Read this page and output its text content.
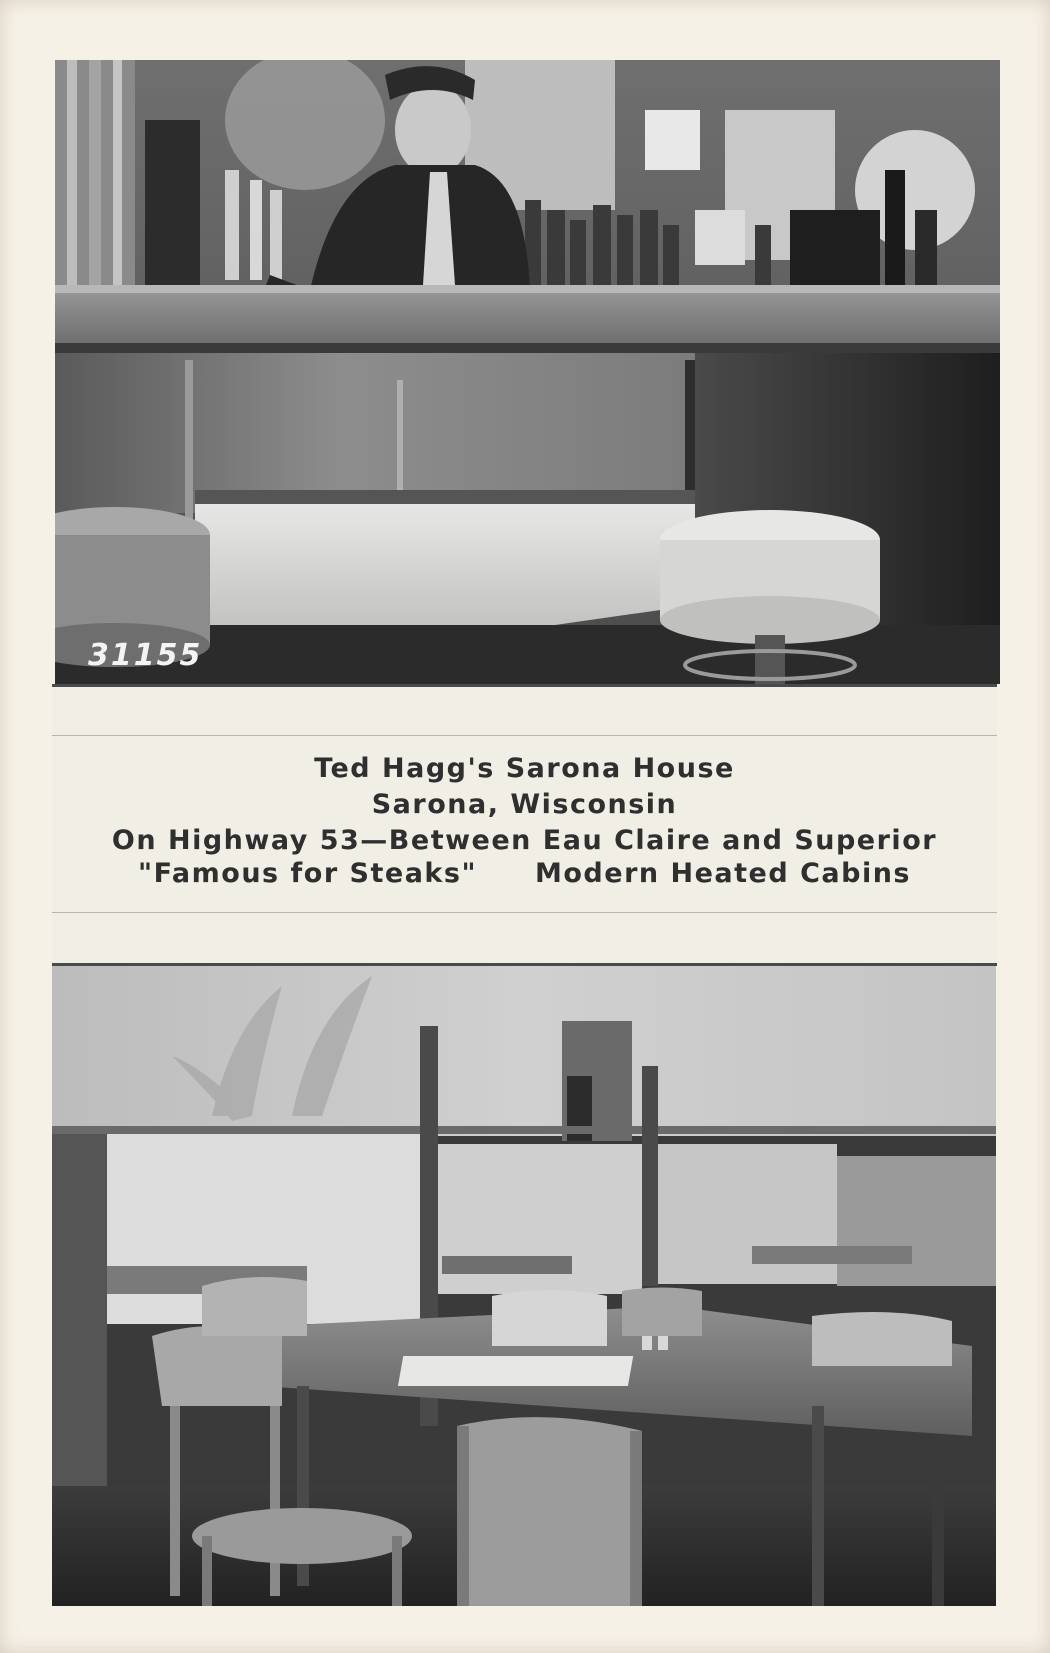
31155
Ted Hagg's Sarona House
Sarona, Wisconsin
On Highway 53—Between Eau Claire and Superior
"Famous for Steaks" Modern Heated Cabins
